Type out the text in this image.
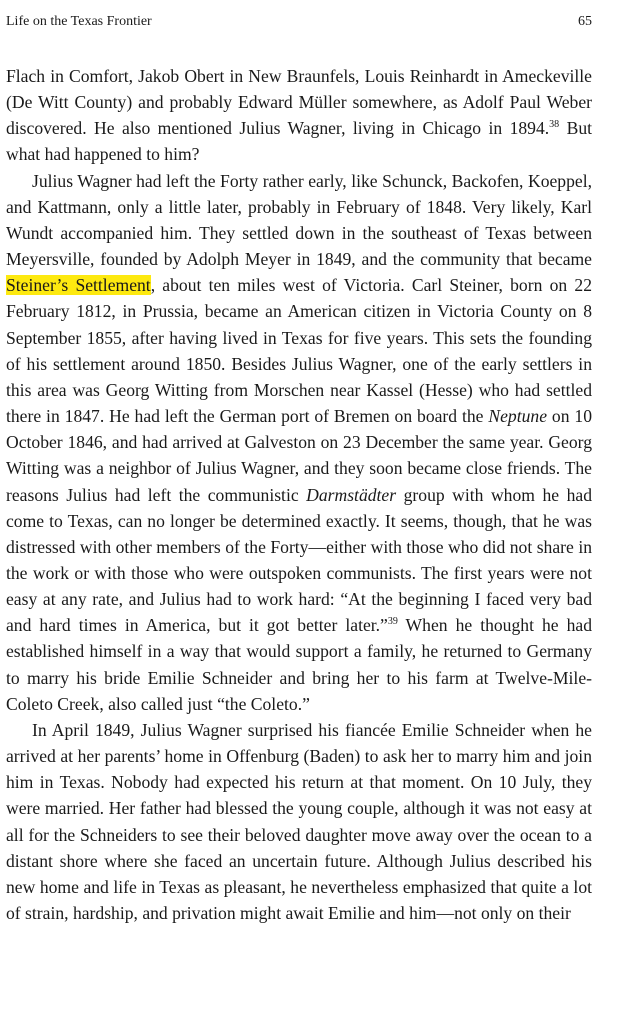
Life on the Texas Frontier	65

Flach in Comfort, Jakob Obert in New Braunfels, Louis Reinhardt in Ameckeville (De Witt County) and probably Edward Müller somewhere, as Adolf Paul Weber discovered. He also mentioned Julius Wagner, living in Chicago in 1894.38 But what had happened to him?

Julius Wagner had left the Forty rather early, like Schunck, Backofen, Koeppel, and Kattmann, only a little later, probably in February of 1848. Very likely, Karl Wundt accompanied him. They settled down in the southeast of Texas between Meyersville, founded by Adolph Meyer in 1849, and the community that became Steiner’s Settlement, about ten miles west of Victoria. Carl Steiner, born on 22 February 1812, in Prussia, became an American citizen in Victoria County on 8 September 1855, after having lived in Texas for five years. This sets the founding of his settlement around 1850. Besides Julius Wagner, one of the early settlers in this area was Georg Witting from Morschen near Kassel (Hesse) who had settled there in 1847. He had left the German port of Bremen on board the Neptune on 10 October 1846, and had arrived at Galveston on 23 December the same year. Georg Witting was a neighbor of Julius Wagner, and they soon became close friends. The reasons Julius had left the communistic Darmstädter group with whom he had come to Texas, can no longer be determined exactly. It seems, though, that he was distressed with other members of the Forty—either with those who did not share in the work or with those who were outspoken communists. The first years were not easy at any rate, and Julius had to work hard: “At the beginning I faced very bad and hard times in America, but it got better later.”$^{39}$ When he thought he had established himself in a way that would support a family, he returned to Germany to marry his bride Emilie Schneider and bring her to his farm at Twelve-Mile-Coleto Creek, also called just “the Coleto.”

In April 1849, Julius Wagner surprised his fiancée Emilie Schneider when he arrived at her parents’ home in Offenburg (Baden) to ask her to marry him and join him in Texas. Nobody had expected his return at that moment. On 10 July, they were married. Her father had blessed the young couple, although it was not easy at all for the Schneiders to see their beloved daughter move away over the ocean to a distant shore where she faced an uncertain future. Although Julius described his new home and life in Texas as pleasant, he nevertheless emphasized that quite a lot of strain, hardship, and privation might await Emilie and him—not only on their
